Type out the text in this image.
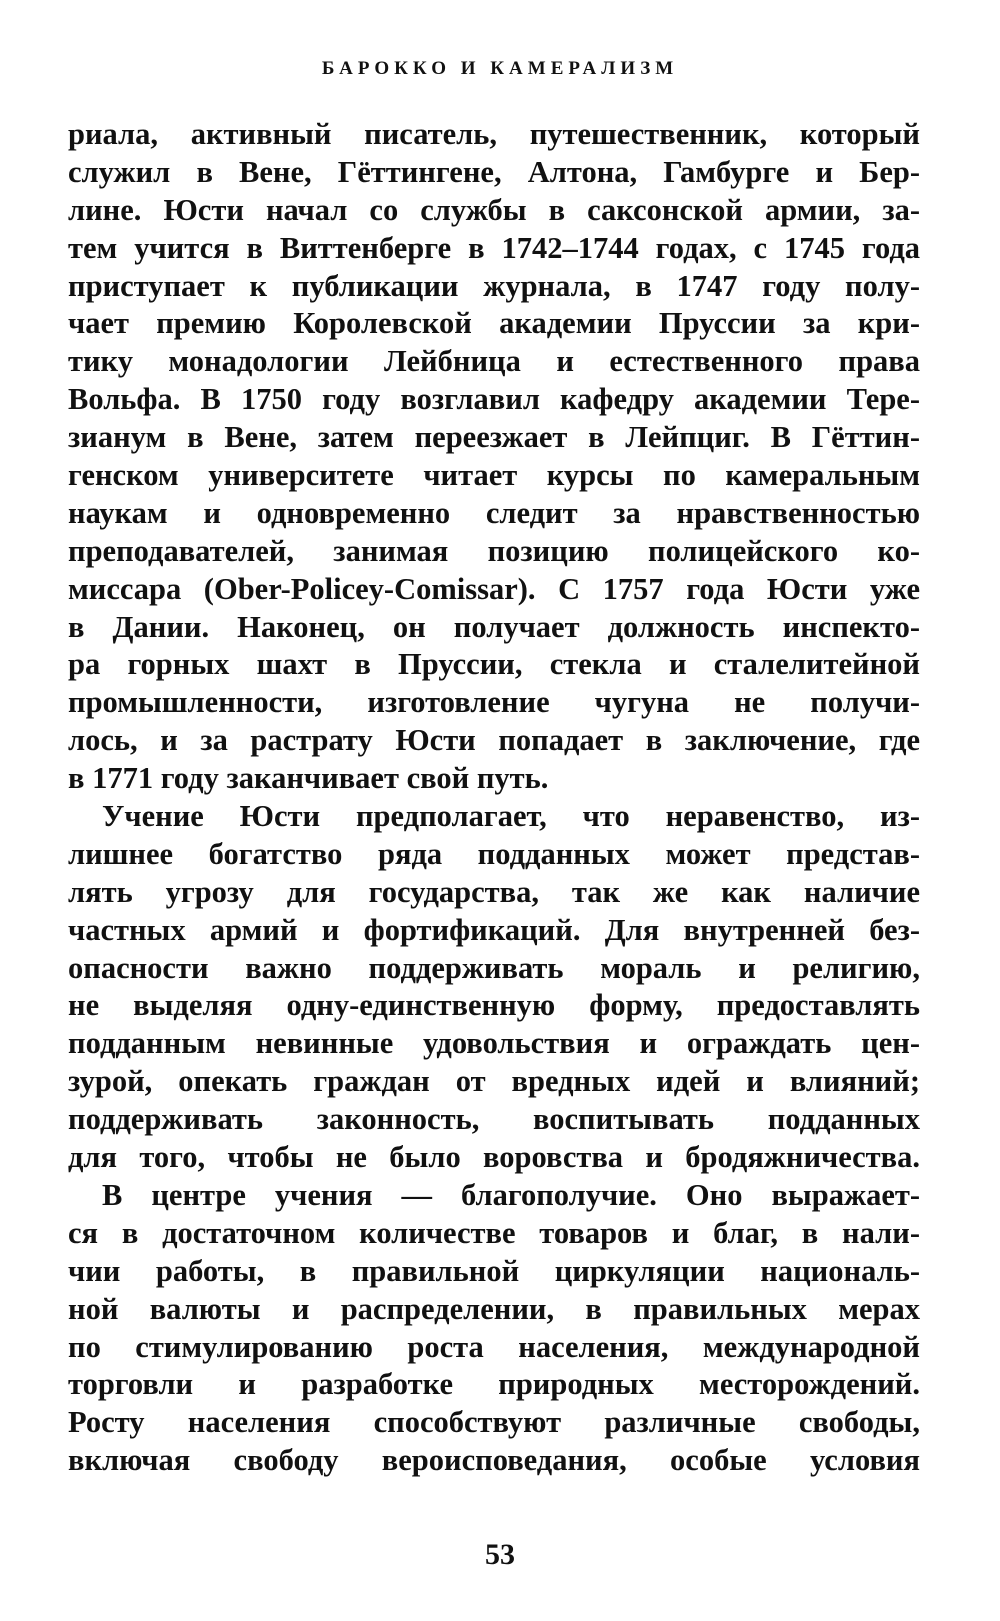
БАРОККО И КАМЕРАЛИЗМ
риала, активный писатель, путешественник, который
служил в Вене, Гёттингене, Алтона, Гамбурге и Бер-
лине. Юсти начал со службы в саксонской армии, за-
тем учится в Виттенберге в 1742–1744 годах, с 1745 года
приступает к публикации журнала, в 1747 году полу-
чает премию Королевской академии Пруссии за кри-
тику монадологии Лейбница и естественного права
Вольфа. В 1750 году возглавил кафедру академии Тере-
зианум в Вене, затем переезжает в Лейпциг. В Гёттин-
генском университете читает курсы по камеральным
наукам и одновременно следит за нравственностью
преподавателей, занимая позицию полицейского ко-
миссара (Ober-Policey-Comissar). С 1757 года Юсти уже
в Дании. Наконец, он получает должность инспекто-
ра горных шахт в Пруссии, стекла и сталелитейной
промышленности, изготовление чугуна не получи-
лось, и за растрату Юсти попадает в заключение, где
в 1771 году заканчивает свой путь.
Учение Юсти предполагает, что неравенство, из-
лишнее богатство ряда подданных может представ-
лять угрозу для государства, так же как наличие
частных армий и фортификаций. Для внутренней без-
опасности важно поддерживать мораль и религию,
не выделяя одну-единственную форму, предоставлять
подданным невинные удовольствия и ограждать цен-
зурой, опекать граждан от вредных идей и влияний;
поддерживать законность, воспитывать подданных
для того, чтобы не было воровства и бродяжничества.
В центре учения — благополучие. Оно выражает-
ся в достаточном количестве товаров и благ, в нали-
чии работы, в правильной циркуляции националь-
ной валюты и распределении, в правильных мерах
по стимулированию роста населения, международной
торговли и разработке природных месторождений.
Росту населения способствуют различные свободы,
включая свободу вероисповедания, особые условия
53
